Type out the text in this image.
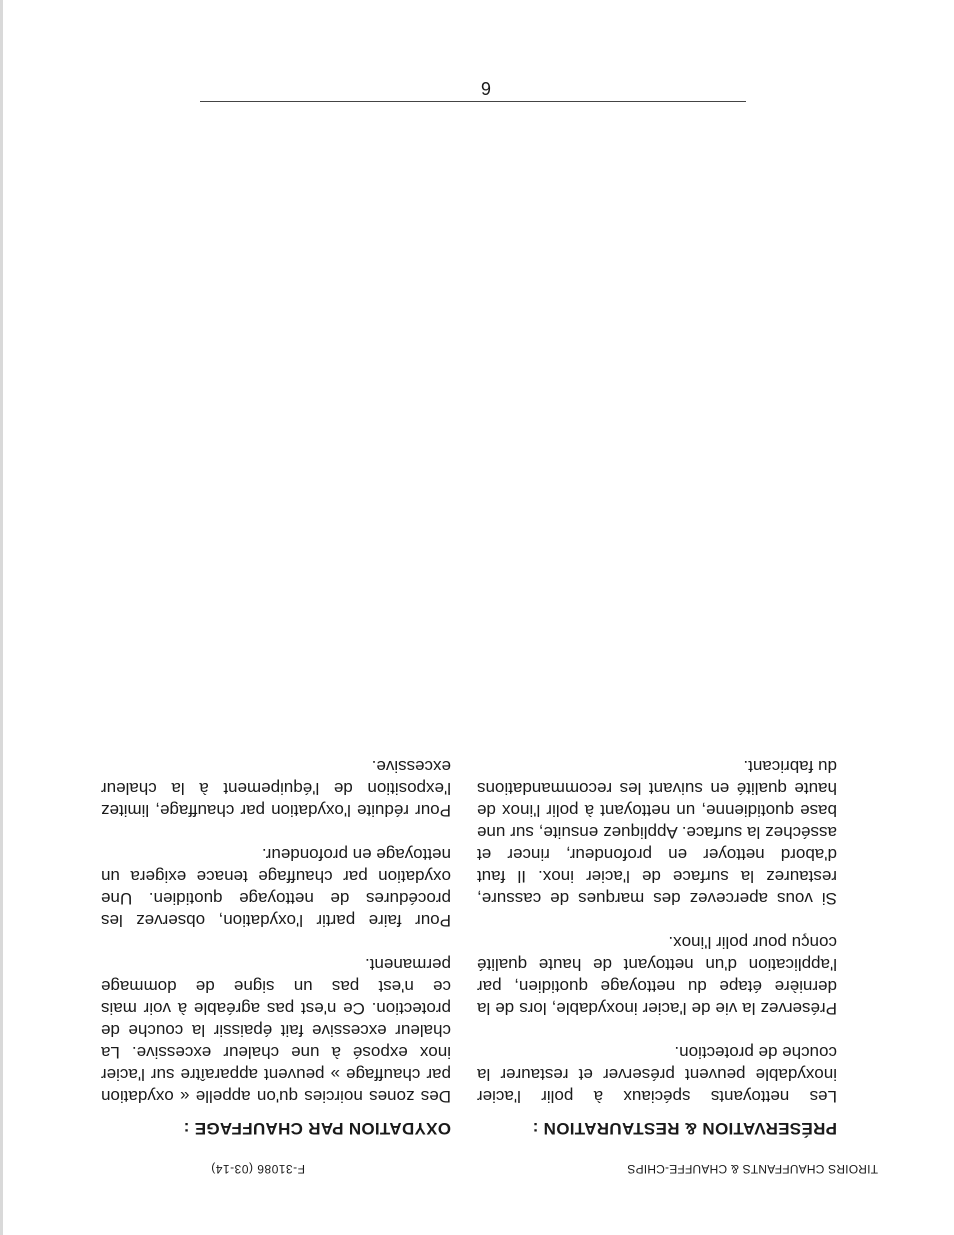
TIROIRS CHAUFFANTS & CHAUFFE-CHIPS
F-31086 (03-14)
PRÉSERVATION & RESTAURATION :

Les nettoyants spéciaux à polir l'acier inoxydable peuvent préserver et restaurer la couche de protection.

Préservez la vie de l'acier inoxydable, lors de la dernière étape du nettoyage quotidien, par l'application d'un nettoyant de haute qualité conçu pour polir l'inox.

Si vous apercevez des marques de cassure, restaurez la surface de l'acier inox. Il faut d'abord nettoyer en profondeur, rincer et asséchez la surface. Appliquez ensuite, sur une base quotidienne, un nettoyant à polir l'inox de haute qualité en suivant les recommandations du fabricant.

OXYDATION PAR CHAUFFAGE :

Des zones noircies qu'on appelle « oxydation par chauffage » peuvent apparaître sur l'acier inox exposé à une chaleur excessive. La chaleur excessive fait épaissir la couche de protection. Ce n'est pas agréable à voir mais ce n'est pas un signe de dommage permanent.

Pour faire partir l'oxydation, observez les procédures de nettoyage quotidien. Une oxydation par chauffage tenace exigera un nettoyage en profondeur.

Pour réduite l'oxydation par chauffage, limitez l'exposition de l'équipement à la chaleur excessive.

6
